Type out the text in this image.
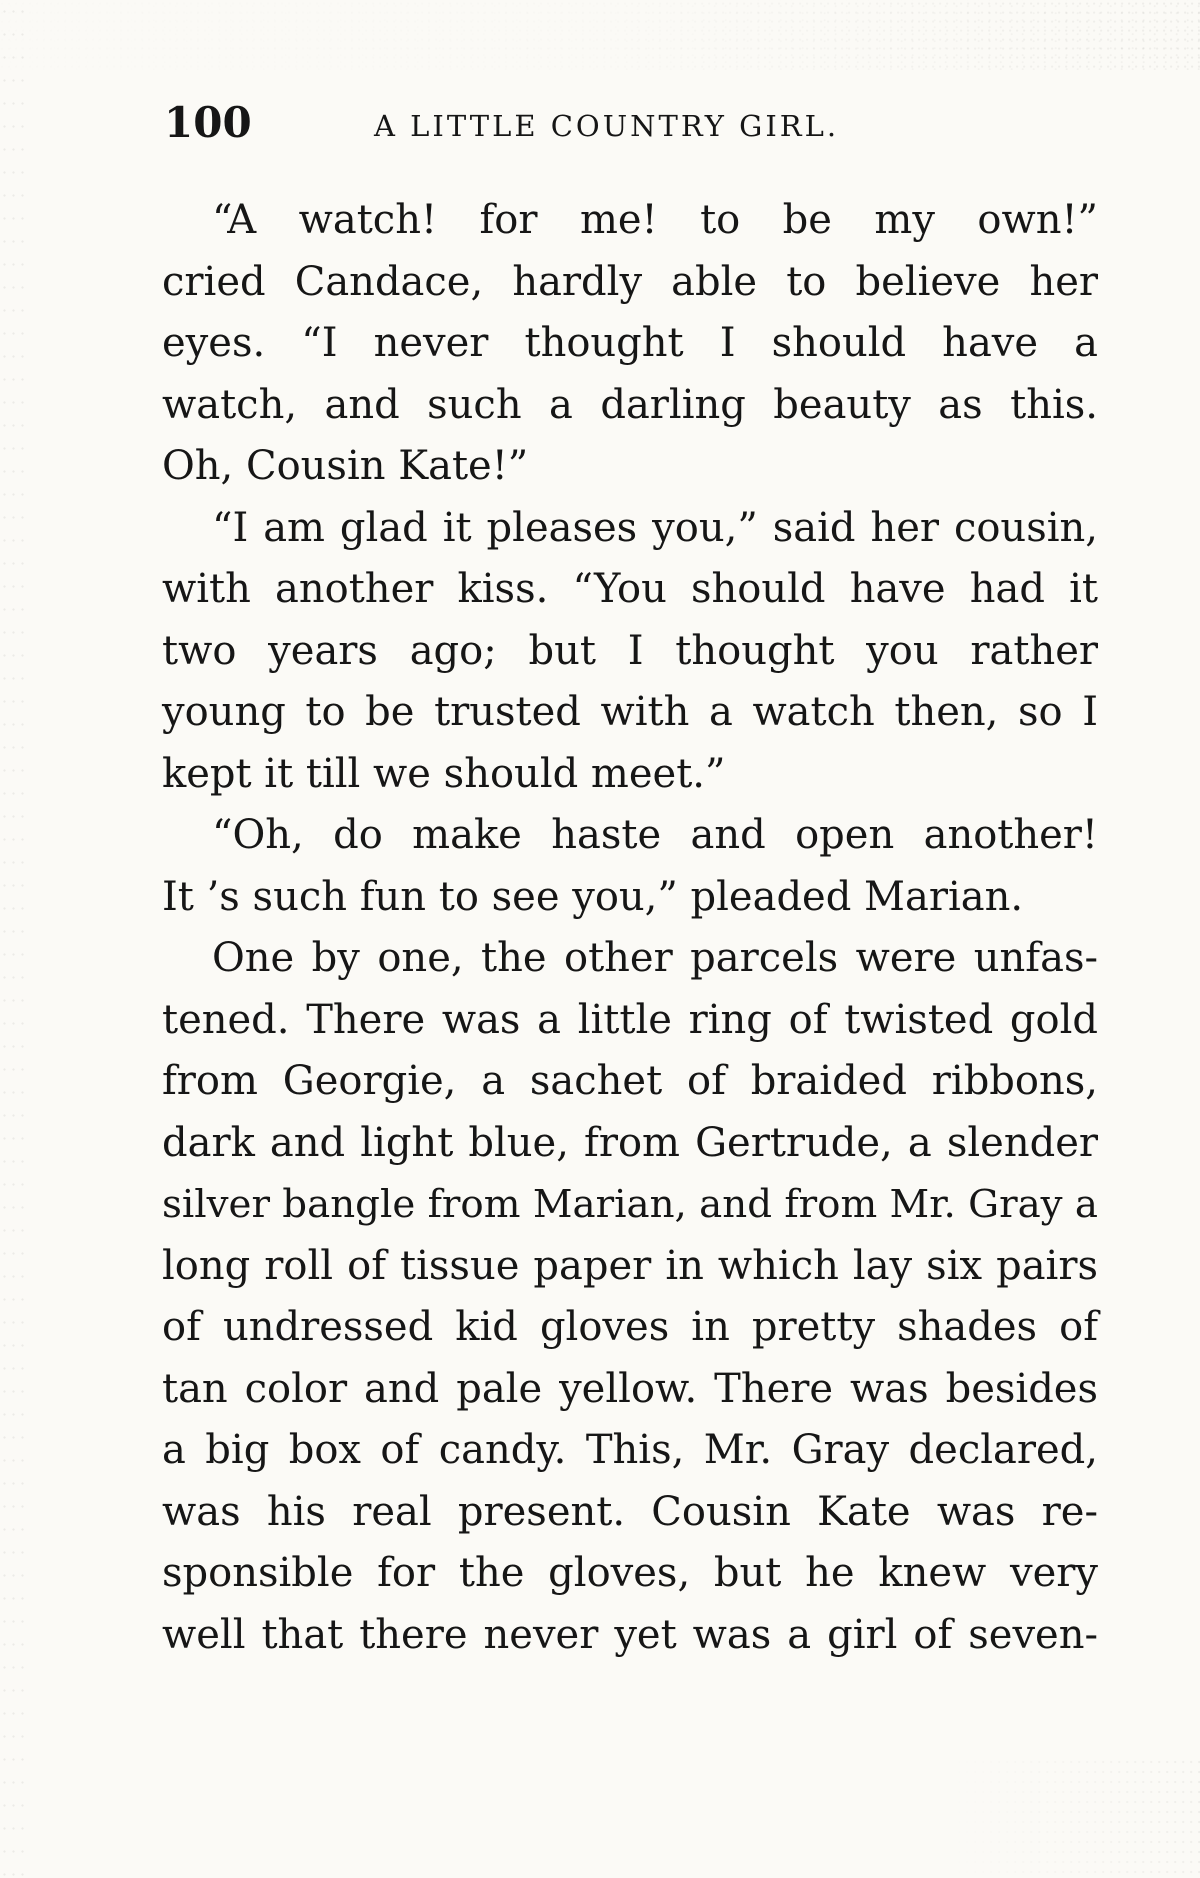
100	A LITTLE COUNTRY GIRL.
“A watch! for me! to be my own!”
cried Candace, hardly able to believe her
eyes. “I never thought I should have a
watch, and such a darling beauty as this.
Oh, Cousin Kate!”
“I am glad it pleases you,” said her cousin,
with another kiss. “You should have had it
two years ago; but I thought you rather
young to be trusted with a watch then, so I
kept it till we should meet.”
“Oh, do make haste and open another!
It ’s such fun to see you,” pleaded Marian.
One by one, the other parcels were unfas-
tened. There was a little ring of twisted gold
from Georgie, a sachet of braided ribbons,
dark and light blue, from Gertrude, a slender
silver bangle from Marian, and from Mr. Gray a
long roll of tissue paper in which lay six pairs
of undressed kid gloves in pretty shades of
tan color and pale yellow. There was besides
a big box of candy. This, Mr. Gray declared,
was his real present. Cousin Kate was re-
sponsible for the gloves, but he knew very
well that there never yet was a girl of seven-
